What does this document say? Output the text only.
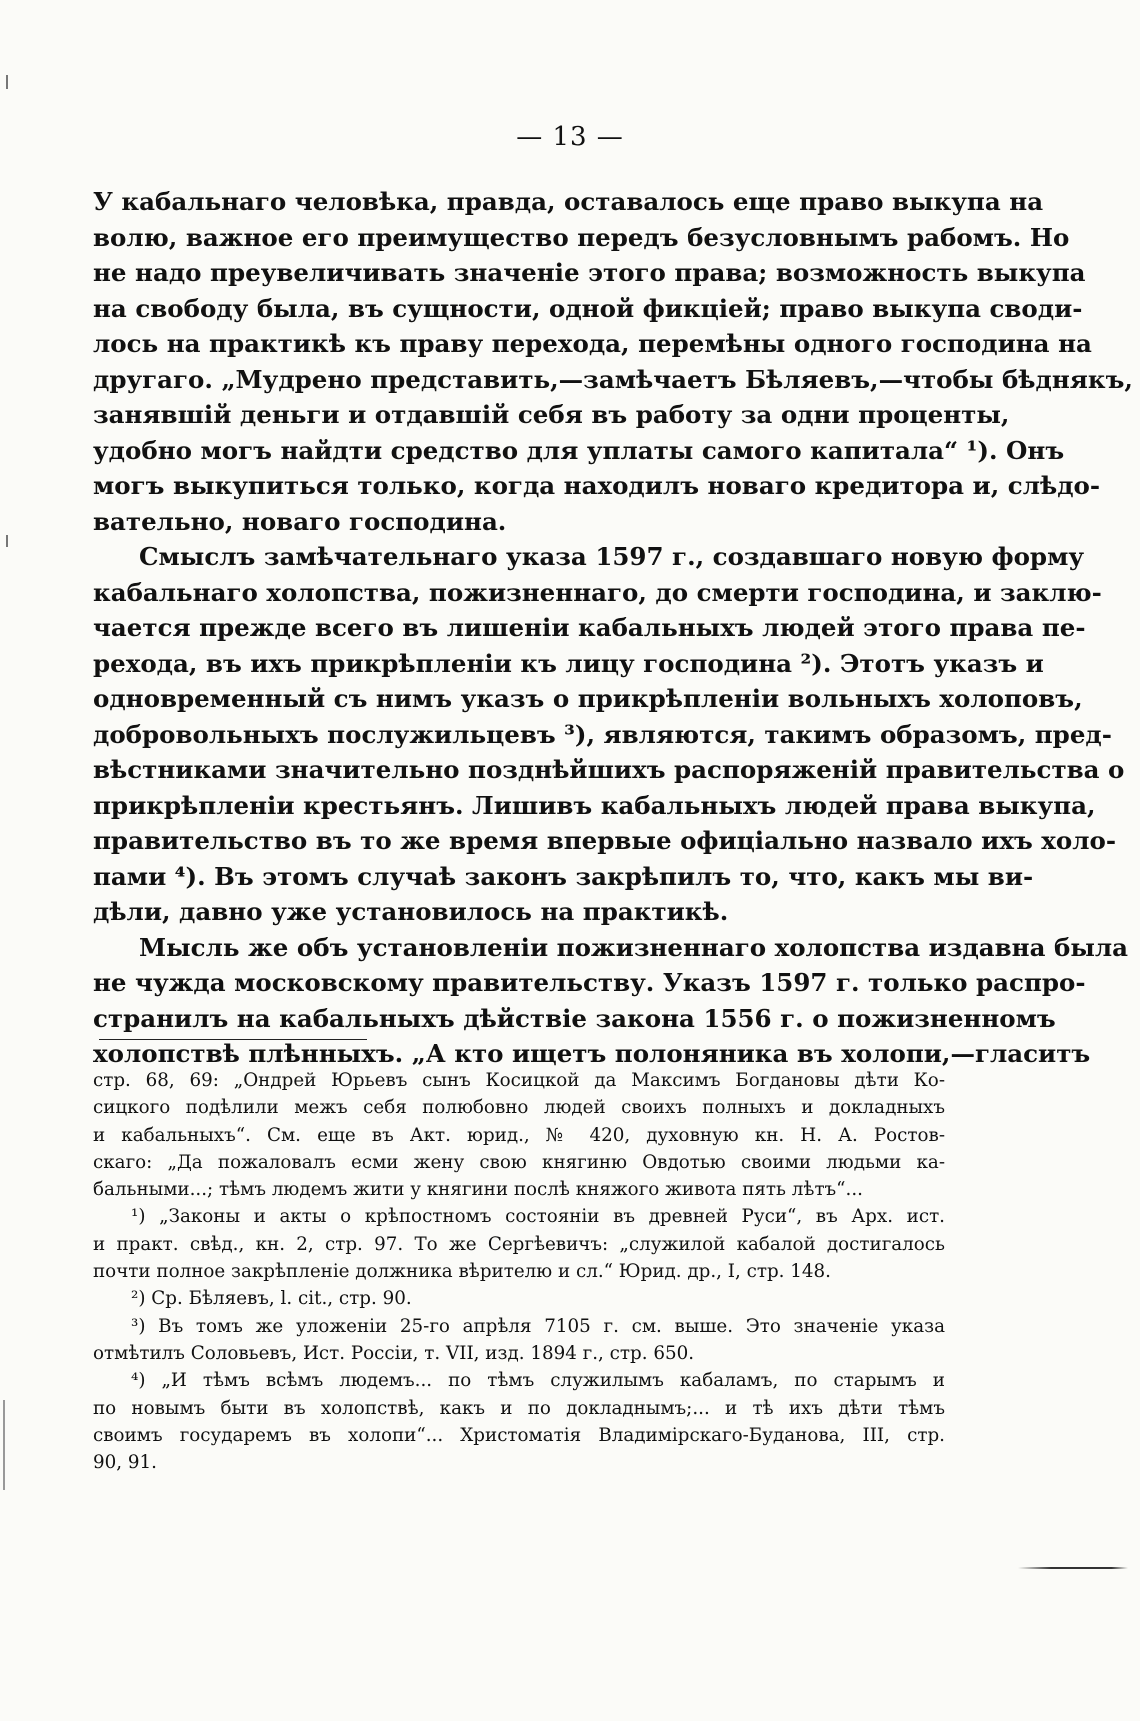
— 13 —
У кабальнаго человѣка, правда, оставалось еще право выкупа на
волю, важное его преимущество передъ безусловнымъ рабомъ. Но
не надо преувеличивать значеніе этого права; возможность выкупа
на свободу была, въ сущности, одной фикціей; право выкупа своди-
лось на практикѣ къ праву перехода, перемѣны одного господина на
другаго. „Мудрено представить,—замѣчаетъ Бѣляевъ,—чтобы бѣднякъ,
занявшій деньги и отдавшій себя въ работу за одни проценты,
удобно могъ найдти средство для уплаты самого капитала“ ¹). Онъ
могъ выкупиться только, когда находилъ новаго кредитора и, слѣдо-
вательно, новаго господина.
Смыслъ замѣчательнаго указа 1597 г., создавшаго новую форму
кабальнаго холопства, пожизненнаго, до смерти господина, и заклю-
чается прежде всего въ лишеніи кабальныхъ людей этого права пе-
рехода, въ ихъ прикрѣпленіи къ лицу господина ²). Этотъ указъ и
одновременный съ нимъ указъ о прикрѣпленіи вольныхъ холоповъ,
добровольныхъ послужильцевъ ³), являются, такимъ образомъ, пред-
вѣстниками значительно позднѣйшихъ распоряженій правительства о
прикрѣпленіи крестьянъ. Лишивъ кабальныхъ людей права выкупа,
правительство въ то же время впервые офиціально назвало ихъ холо-
пами ⁴). Въ этомъ случаѣ законъ закрѣпилъ то, что, какъ мы ви-
дѣли, давно уже установилось на практикѣ.
Мысль же объ установленіи пожизненнаго холопства издавна была
не чужда московскому правительству. Указъ 1597 г. только распро-
странилъ на кабальныхъ дѣйствіе закона 1556 г. о пожизненномъ
холопствѣ плѣнныхъ. „А кто ищетъ полоняника въ холопи,—гласитъ
стр. 68, 69: „Ондрей Юрьевъ сынъ Косицкой да Максимъ Богдановы дѣти Ко-
сицкого подѣлили межъ себя полюбовно людей своихъ полныхъ и докладныхъ
и кабальныхъ“. См. еще въ Акт. юрид., № 420, духовную кн. Н. А. Ростов-
скаго: „Да пожаловалъ есми жену свою княгиню Овдотью своими людьми ка-
бальными...; тѣмъ людемъ жити у княгини послѣ княжого живота пять лѣтъ“...
¹) „Законы и акты о крѣпостномъ состояніи въ древней Руси“, въ Арх. ист.
и практ. свѣд., кн. 2, стр. 97. То же Сергѣевичъ: „служилой кабалой достигалось
почти полное закрѣпленіе должника вѣрителю и сл.“ Юрид. др., I, стр. 148.
²) Ср. Бѣляевъ, l. cit., стр. 90.
³) Въ томъ же уложеніи 25-го апрѣля 7105 г. см. выше. Это значеніе указа
отмѣтилъ Соловьевъ, Ист. Россіи, т. VII, изд. 1894 г., стр. 650.
⁴) „И тѣмъ всѣмъ людемъ... по тѣмъ служилымъ кабаламъ, по старымъ и
по новымъ быти въ холопствѣ, какъ и по докладнымъ;... и тѣ ихъ дѣти тѣмъ
своимъ государемъ въ холопи“... Христоматія Владимірскаго-Буданова, III, стр.
90, 91.
